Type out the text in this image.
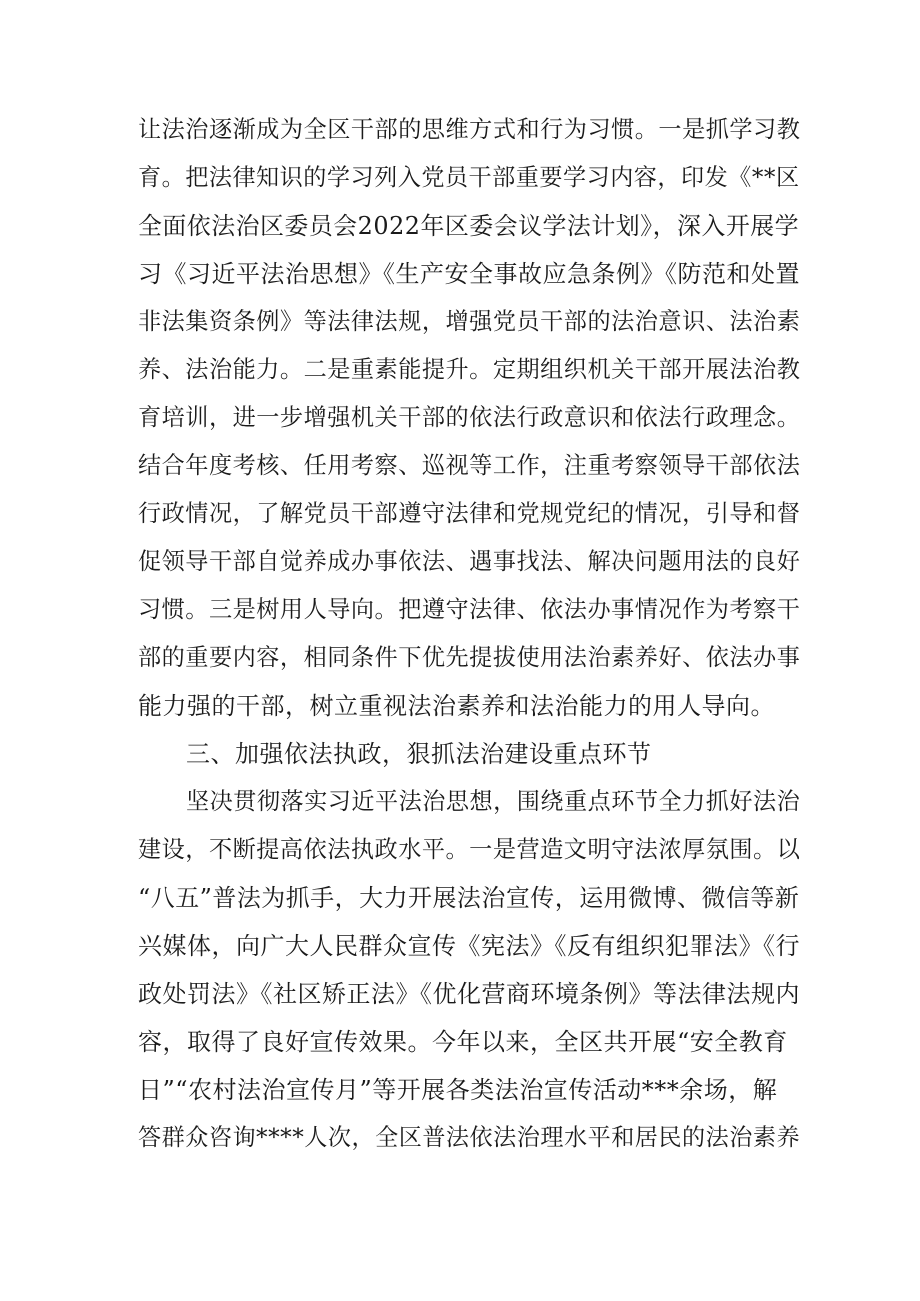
让法治逐渐成为全区干部的思维方式和行为习惯。一是抓学习教

育。把法律知识的学习列入党员干部重要学习内容，印发《**区

全面依法治区委员会2022年区委会议学法计划》，深入开展学

习《习近平法治思想》《生产安全事故应急条例》《防范和处置

非法集资条例》等法律法规，增强党员干部的法治意识、法治素

养、法治能力。二是重素能提升。定期组织机关干部开展法治教

育培训，进一步增强机关干部的依法行政意识和依法行政理念。

结合年度考核、任用考察、巡视等工作，注重考察领导干部依法

行政情况，了解党员干部遵守法律和党规党纪的情况，引导和督

促领导干部自觉养成办事依法、遇事找法、解决问题用法的良好

习惯。三是树用人导向。把遵守法律、依法办事情况作为考察干

部的重要内容，相同条件下优先提拔使用法治素养好、依法办事

能力强的干部，树立重视法治素养和法治能力的用人导向。

三、加强依法执政，狠抓法治建设重点环节

坚决贯彻落实习近平法治思想，围绕重点环节全力抓好法治

建设，不断提高依法执政水平。一是营造文明守法浓厚氛围。以

“八五”普法为抓手，大力开展法治宣传，运用微博、微信等新

兴媒体，向广大人民群众宣传《宪法》《反有组织犯罪法》《行

政处罚法》《社区矫正法》《优化营商环境条例》等法律法规内

容，取得了良好宣传效果。今年以来，全区共开展“安全教育

日”“农村法治宣传月”等开展各类法治宣传活动***余场，解

答群众咨询****人次，全区普法依法治理水平和居民的法治素养
